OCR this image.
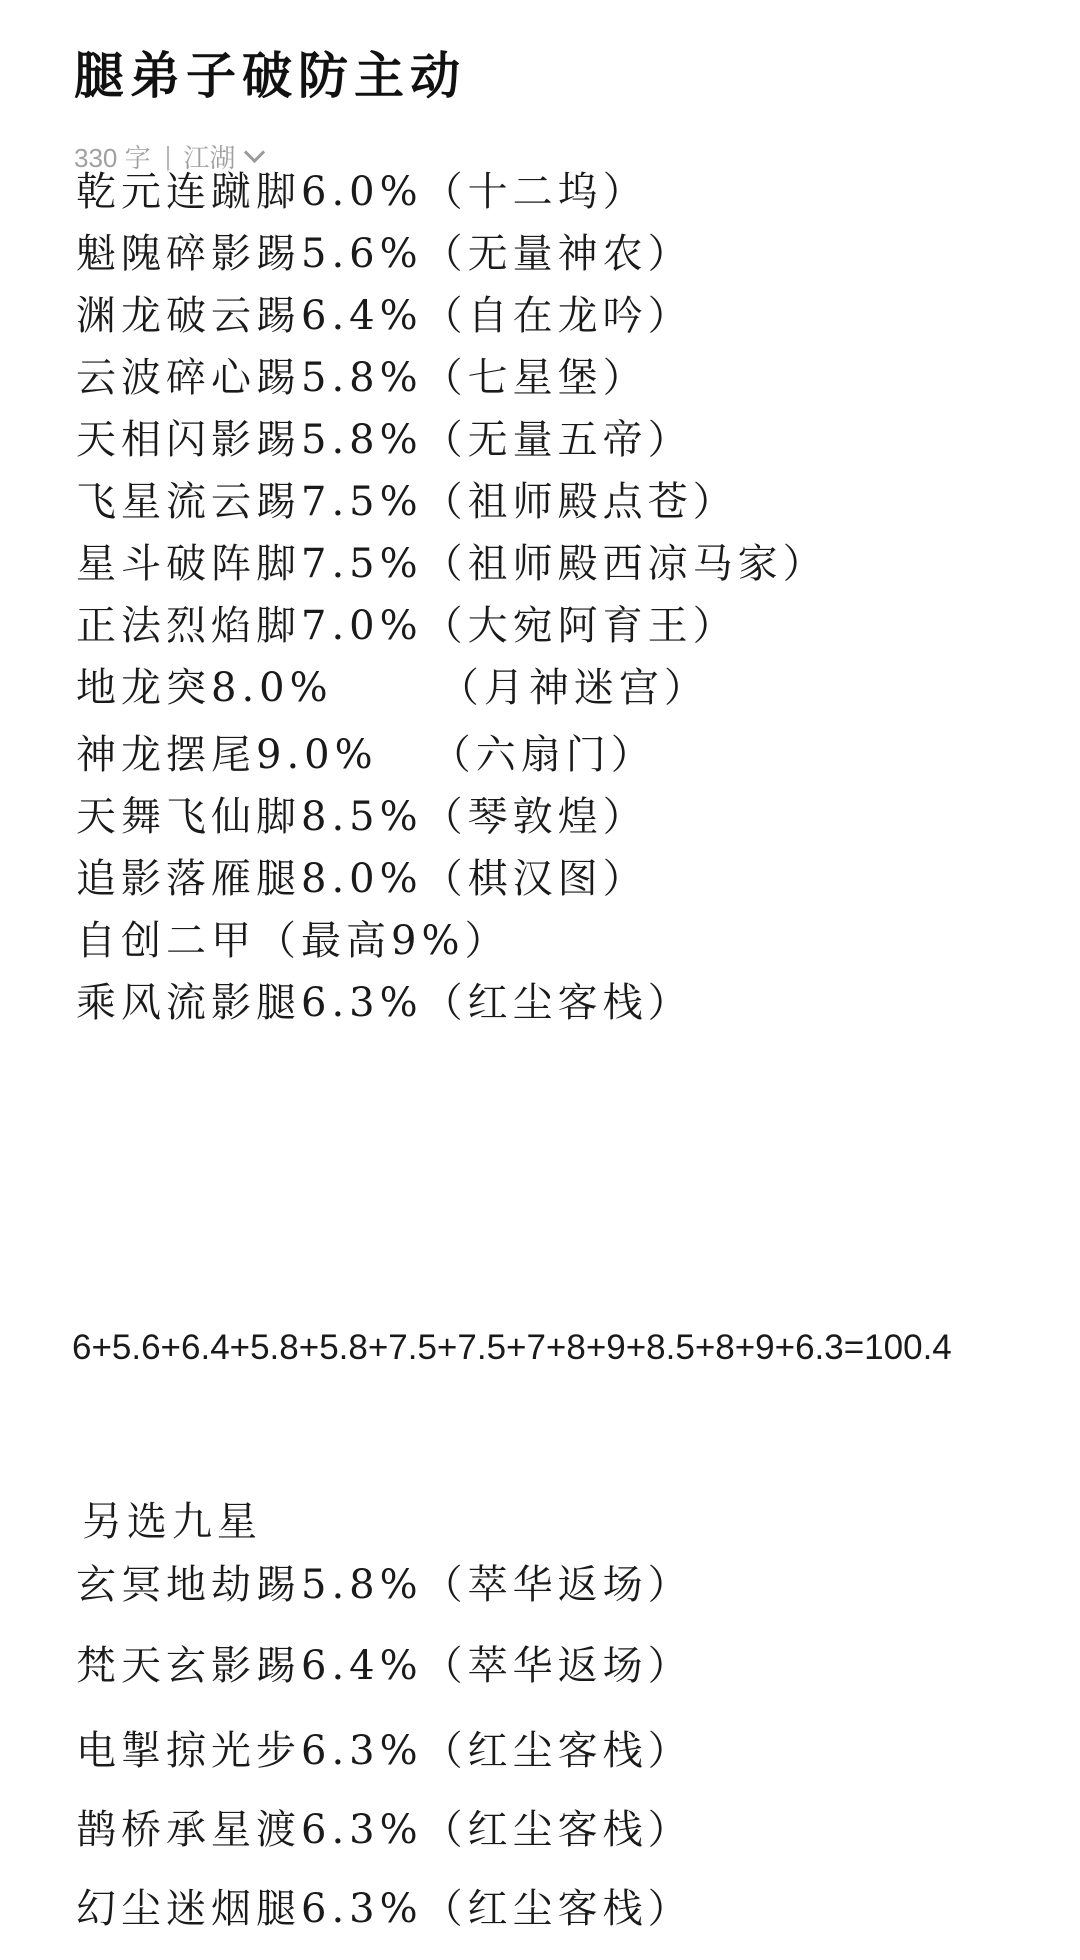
腿弟子破防主动
330 字 | 江湖
乾元连蹴脚6.0%（十二坞）
魁隗碎影踢5.6%（无量神农）
渊龙破云踢6.4%（自在龙吟）
云波碎心踢5.8%（七星堡）
天相闪影踢5.8%（无量五帝）
飞星流云踢7.5%（祖师殿点苍）
星斗破阵脚7.5%（祖师殿西凉马家）
正法烈焰脚7.0%（大宛阿育王）
地龙突8.0%      （月神迷宫）
神龙摆尾9.0%   （六扇门）
天舞飞仙脚8.5%（琴敦煌）
追影落雁腿8.0%（棋汉图）
自创二甲（最高9%）
乘风流影腿6.3%（红尘客栈）
6+5.6+6.4+5.8+5.8+7.5+7.5+7+8+9+8.5+8+9+6.3=100.4
另选九星
玄冥地劫踢5.8%（萃华返场）
梵天玄影踢6.4%（萃华返场）
电掣掠光步6.3%（红尘客栈）
鹊桥承星渡6.3%（红尘客栈）
幻尘迷烟腿6.3%（红尘客栈）
